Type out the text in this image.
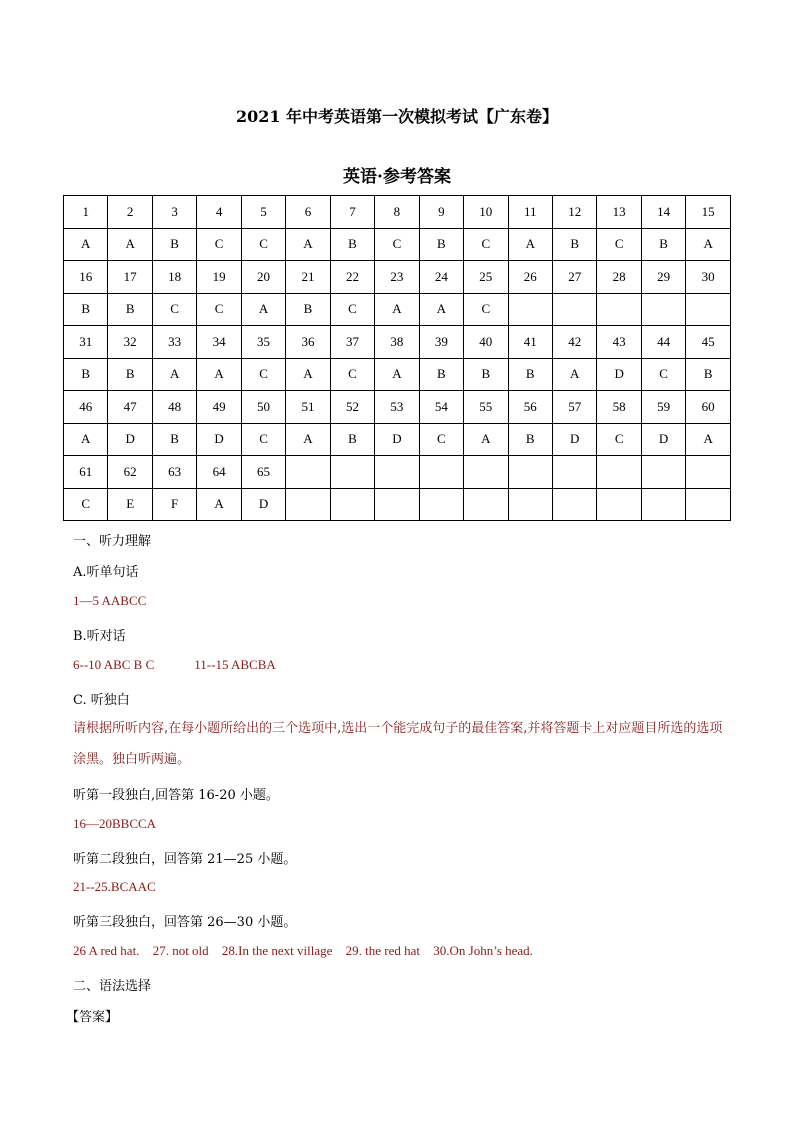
2021 年中考英语第一次模拟考试【广东卷】
英语·参考答案
1	2	3	4	5	6	7	8	9	10	11	12	13	14	15
A	A	B	C	C	A	B	C	B	C	A	B	C	B	A
16	17	18	19	20	21	22	23	24	25	26	27	28	29	30
B	B	C	C	A	B	C	A	A	C					
31	32	33	34	35	36	37	38	39	40	41	42	43	44	45
B	B	A	A	C	A	C	A	B	B	B	A	D	C	B
46	47	48	49	50	51	52	53	54	55	56	57	58	59	60
A	D	B	D	C	A	B	D	C	A	B	D	C	D	A
61	62	63	64	65										
C	E	F	A	D										
一、听力理解
A.听单句话
1—5 AABCC
B.听对话
6--10 ABC B C	11--15 ABCBA
C. 听独白
请根据所听内容,在每小题所给出的三个选项中,选出一个能完成句子的最佳答案,并将答题卡上对应题目所选的选项涂黑。独白听两遍。
听第一段独白,回答第 16-20 小题。
16—20BBCCA
听第二段独白，回答第 21—25 小题。
21--25.BCAAC
听第三段独白，回答第 26—30 小题。
26 A red hat. 27. not old 28.In the next village 29. the red hat 30.On John’s head.
二、语法选择
【答案】
